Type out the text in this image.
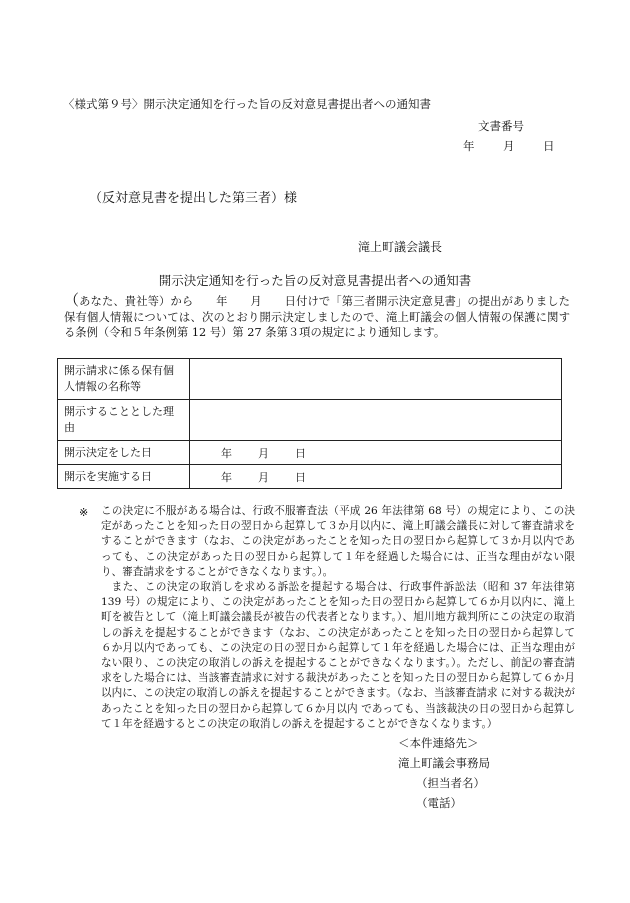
〈様式第９号〉開示決定通知を行った旨の反対意見書提出者への通知書
文書番号
年 月 日
（反対意見書を提出した第三者）様
滝上町議会議長
開示決定通知を行った旨の反対意見書提出者への通知書
（あなた、貴社等）から　　年　　月　　日付けで「第三者開示決定意見書」の提出がありました保有個人情報については、次のとおり開示決定しましたので、滝上町議会の個人情報の保護に関する条例（令和５年条例第 12 号）第 27 条第３項の規定により通知します。
開示請求に係る保有個人情報の名称等	
開示することとした理由	
開示決定をした日	年 月 日
開示を実施する日	年 月 日
※ この決定に不服がある場合は、行政不服審査法（平成 26 年法律第 68 号）の規定により、この決定があったことを知った日の翌日から起算して３か月以内に、滝上町議会議長に対して審査請求をすることができます（なお、この決定があったことを知った日の翌日から起算して３か月以内であっても、この決定があった日の翌日から起算して１年を経過した場合には、正当な理由がない限り、審査請求をすることができなくなります。）。

また、この決定の取消しを求める訴訟を提起する場合は、行政事件訴訟法（昭和 37 年法律第 139 号）の規定により、この決定があったことを知った日の翌日から起算して６か月以内に、滝上町を被告として（滝上町議会議長が被告の代表者となります。）、旭川地方裁判所にこの決定の取消しの訴えを提起することができます（なお、この決定があったことを知った日の翌日から起算して６か月以内であっても、この決定の日の翌日から起算して１年を経過した場合には、正当な理由がない限り、この決定の取消しの訴えを提起することができなくなります。）。ただし、前記の審査請求をした場合には、当該審査請求に対する裁決があったことを知った日の翌日から起算して６か月以内に、この決定の取消しの訴えを提起することができます。（なお、当該審査請求 に対する裁決があったことを知った日の翌日から起算して６か月以内 であっても、当該裁決の日の翌日から起算して１年を経過するとこの決定の取消しの訴えを提起することができなくなります。）

＜本件連絡先＞
滝上町議会事務局
（担当者名）
（電話）
